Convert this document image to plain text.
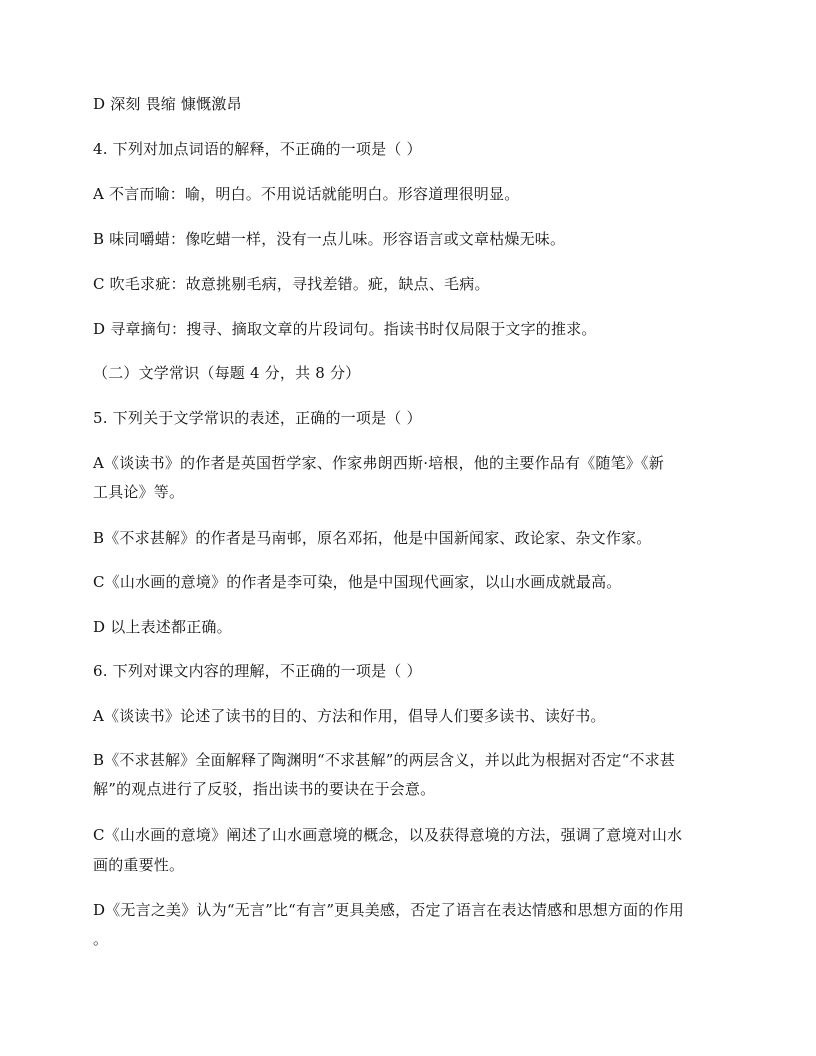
D 深刻 畏缩 慷慨激昂
4. 下列对加点词语的解释，不正确的一项是（ ）
A 不言而喻：喻，明白。不用说话就能明白。形容道理很明显。
B 味同嚼蜡：像吃蜡一样，没有一点儿味。形容语言或文章枯燥无味。
C 吹毛求疵：故意挑剔毛病，寻找差错。疵，缺点、毛病。
D 寻章摘句：搜寻、摘取文章的片段词句。指读书时仅局限于文字的推求。
（二）文学常识（每题 4 分，共 8 分）
5. 下列关于文学常识的表述，正确的一项是（ ）
A《谈读书》的作者是英国哲学家、作家弗朗西斯·培根，他的主要作品有《随笔》《新
工具论》等。
B《不求甚解》的作者是马南邨，原名邓拓，他是中国新闻家、政论家、杂文作家。
C《山水画的意境》的作者是李可染，他是中国现代画家，以山水画成就最高。
D 以上表述都正确。
6. 下列对课文内容的理解，不正确的一项是（ ）
A《谈读书》论述了读书的目的、方法和作用，倡导人们要多读书、读好书。
B《不求甚解》全面解释了陶渊明“不求甚解”的两层含义，并以此为根据对否定“不求甚
解”的观点进行了反驳，指出读书的要诀在于会意。
C《山水画的意境》阐述了山水画意境的概念，以及获得意境的方法，强调了意境对山水
画的重要性。
D《无言之美》认为“无言”比“有言”更具美感，否定了语言在表达情感和思想方面的作用
。
